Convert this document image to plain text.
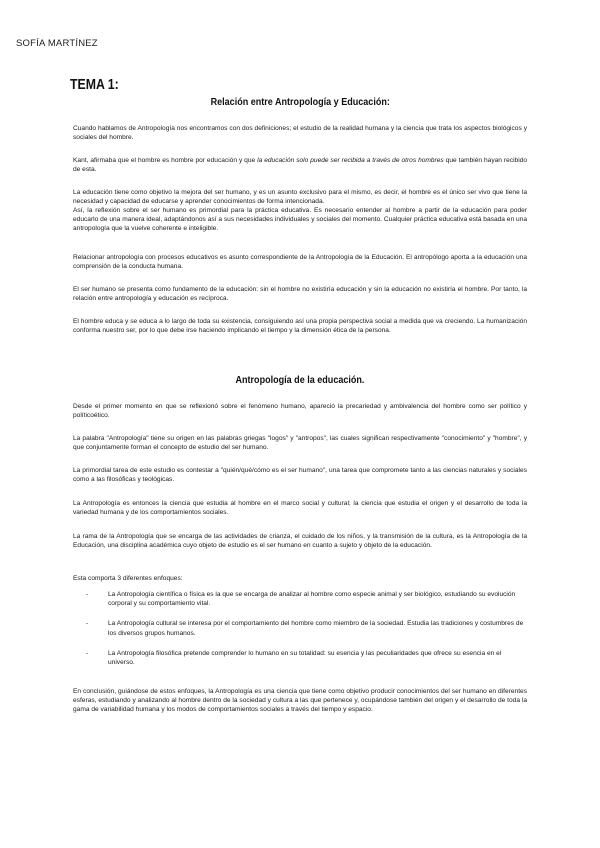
SOFÍA MARTÍNEZ
TEMA 1:
Relación entre Antropología y Educación:
Cuando hablamos de Antropología nos encontramos con dos definiciones; el estudio de la realidad humana y la ciencia que trata los aspectos biológicos y sociales del hombre.
Kant, afirmaba que el hombre es hombre por educación y que la educación solo puede ser recibida a través de otros hombres que también hayan recibido de esta.
La educación tiene como objetivo la mejora del ser humano, y es un asunto exclusivo para el mismo, es decir, el hombre es el único ser vivo que tiene la necesidad y capacidad de educarse y aprender conocimientos de forma intencionada.
Así, la reflexión sobre el ser humano es primordial para la práctica educativa. Es necesario entender al hombre a partir de la educación para poder educarlo de una manera ideal, adaptándonos así a sus necesidades individuales y sociales del momento. Cualquier práctica educativa está basada en una antropología que la vuelve coherente e inteligible.
Relacionar antropología con procesos educativos es asunto correspondiente de la Antropología de la Educación. El antropólogo aporta a la educación una comprensión de la conducta humana.
El ser humano se presenta como fundamento de la educación: sin el hombre no existiría educación y sin la educación no existiría el hombre. Por tanto, la relación entre antropología y educación es recíproca.
El hombre educa y se educa a lo largo de toda su existencia, consiguiendo así una propia perspectiva social a medida que va creciendo. La humanización conforma nuestro ser, por lo que debe irse haciendo implicando el tiempo y la dimensión ética de la persona.
Antropología de la educación.
Desde el primer momento en que se reflexionó sobre el fenómeno humano, apareció la precariedad y ambivalencia del hombre como ser político y políticoético.
La palabra "Antropología" tiene su origen en las palabras griegas "logos" y "antropos", las cuales significan respectivamente "conocimiento" y "hombre", y que conjuntamente forman el concepto de estudio del ser humano.
La primordial tarea de este estudio es contestar a "quién/qué/cómo es el ser humano", una tarea que compromete tanto a las ciencias naturales y sociales como a las filosóficas y teológicas.
La Antropología es entonces la ciencia que estudia al hombre en el marco social y cultural; la ciencia que estudia el origen y el desarrollo de toda la variedad humana y de los comportamientos sociales.
La rama de la Antropología que se encarga de las actividades de crianza, el cuidado de los niños, y la transmisión de la cultura, es la Antropología de la Educación, una disciplina académica cuyo objeto de estudio es el ser humano en cuanto a sujeto y objeto de la educación.
Esta comporta 3 diferentes enfoques:
-	La Antropología científica o física es la que se encarga de analizar al hombre como especie animal y ser biológico, estudiando su evolución corporal y su comportamiento vital.
-	La Antropología cultural se interesa por el comportamiento del hombre como miembro de la sociedad. Estudia las tradiciones y costumbres de los diversos grupos humanos.
-	La Antropología filosófica pretende comprender lo humano en su totalidad: su esencia y las peculiaridades que ofrece su esencia en el universo.
En conclusión, guiándose de estos enfoques, la Antropología es una ciencia que tiene como objetivo producir conocimientos del ser humano en diferentes esferas, estudiando y analizando al hombre dentro de la sociedad y cultura a las que pertenece y, ocupándose también del origen y el desarrollo de toda la gama de variabilidad humana y los modos de comportamientos sociales a través del tiempo y espacio.
